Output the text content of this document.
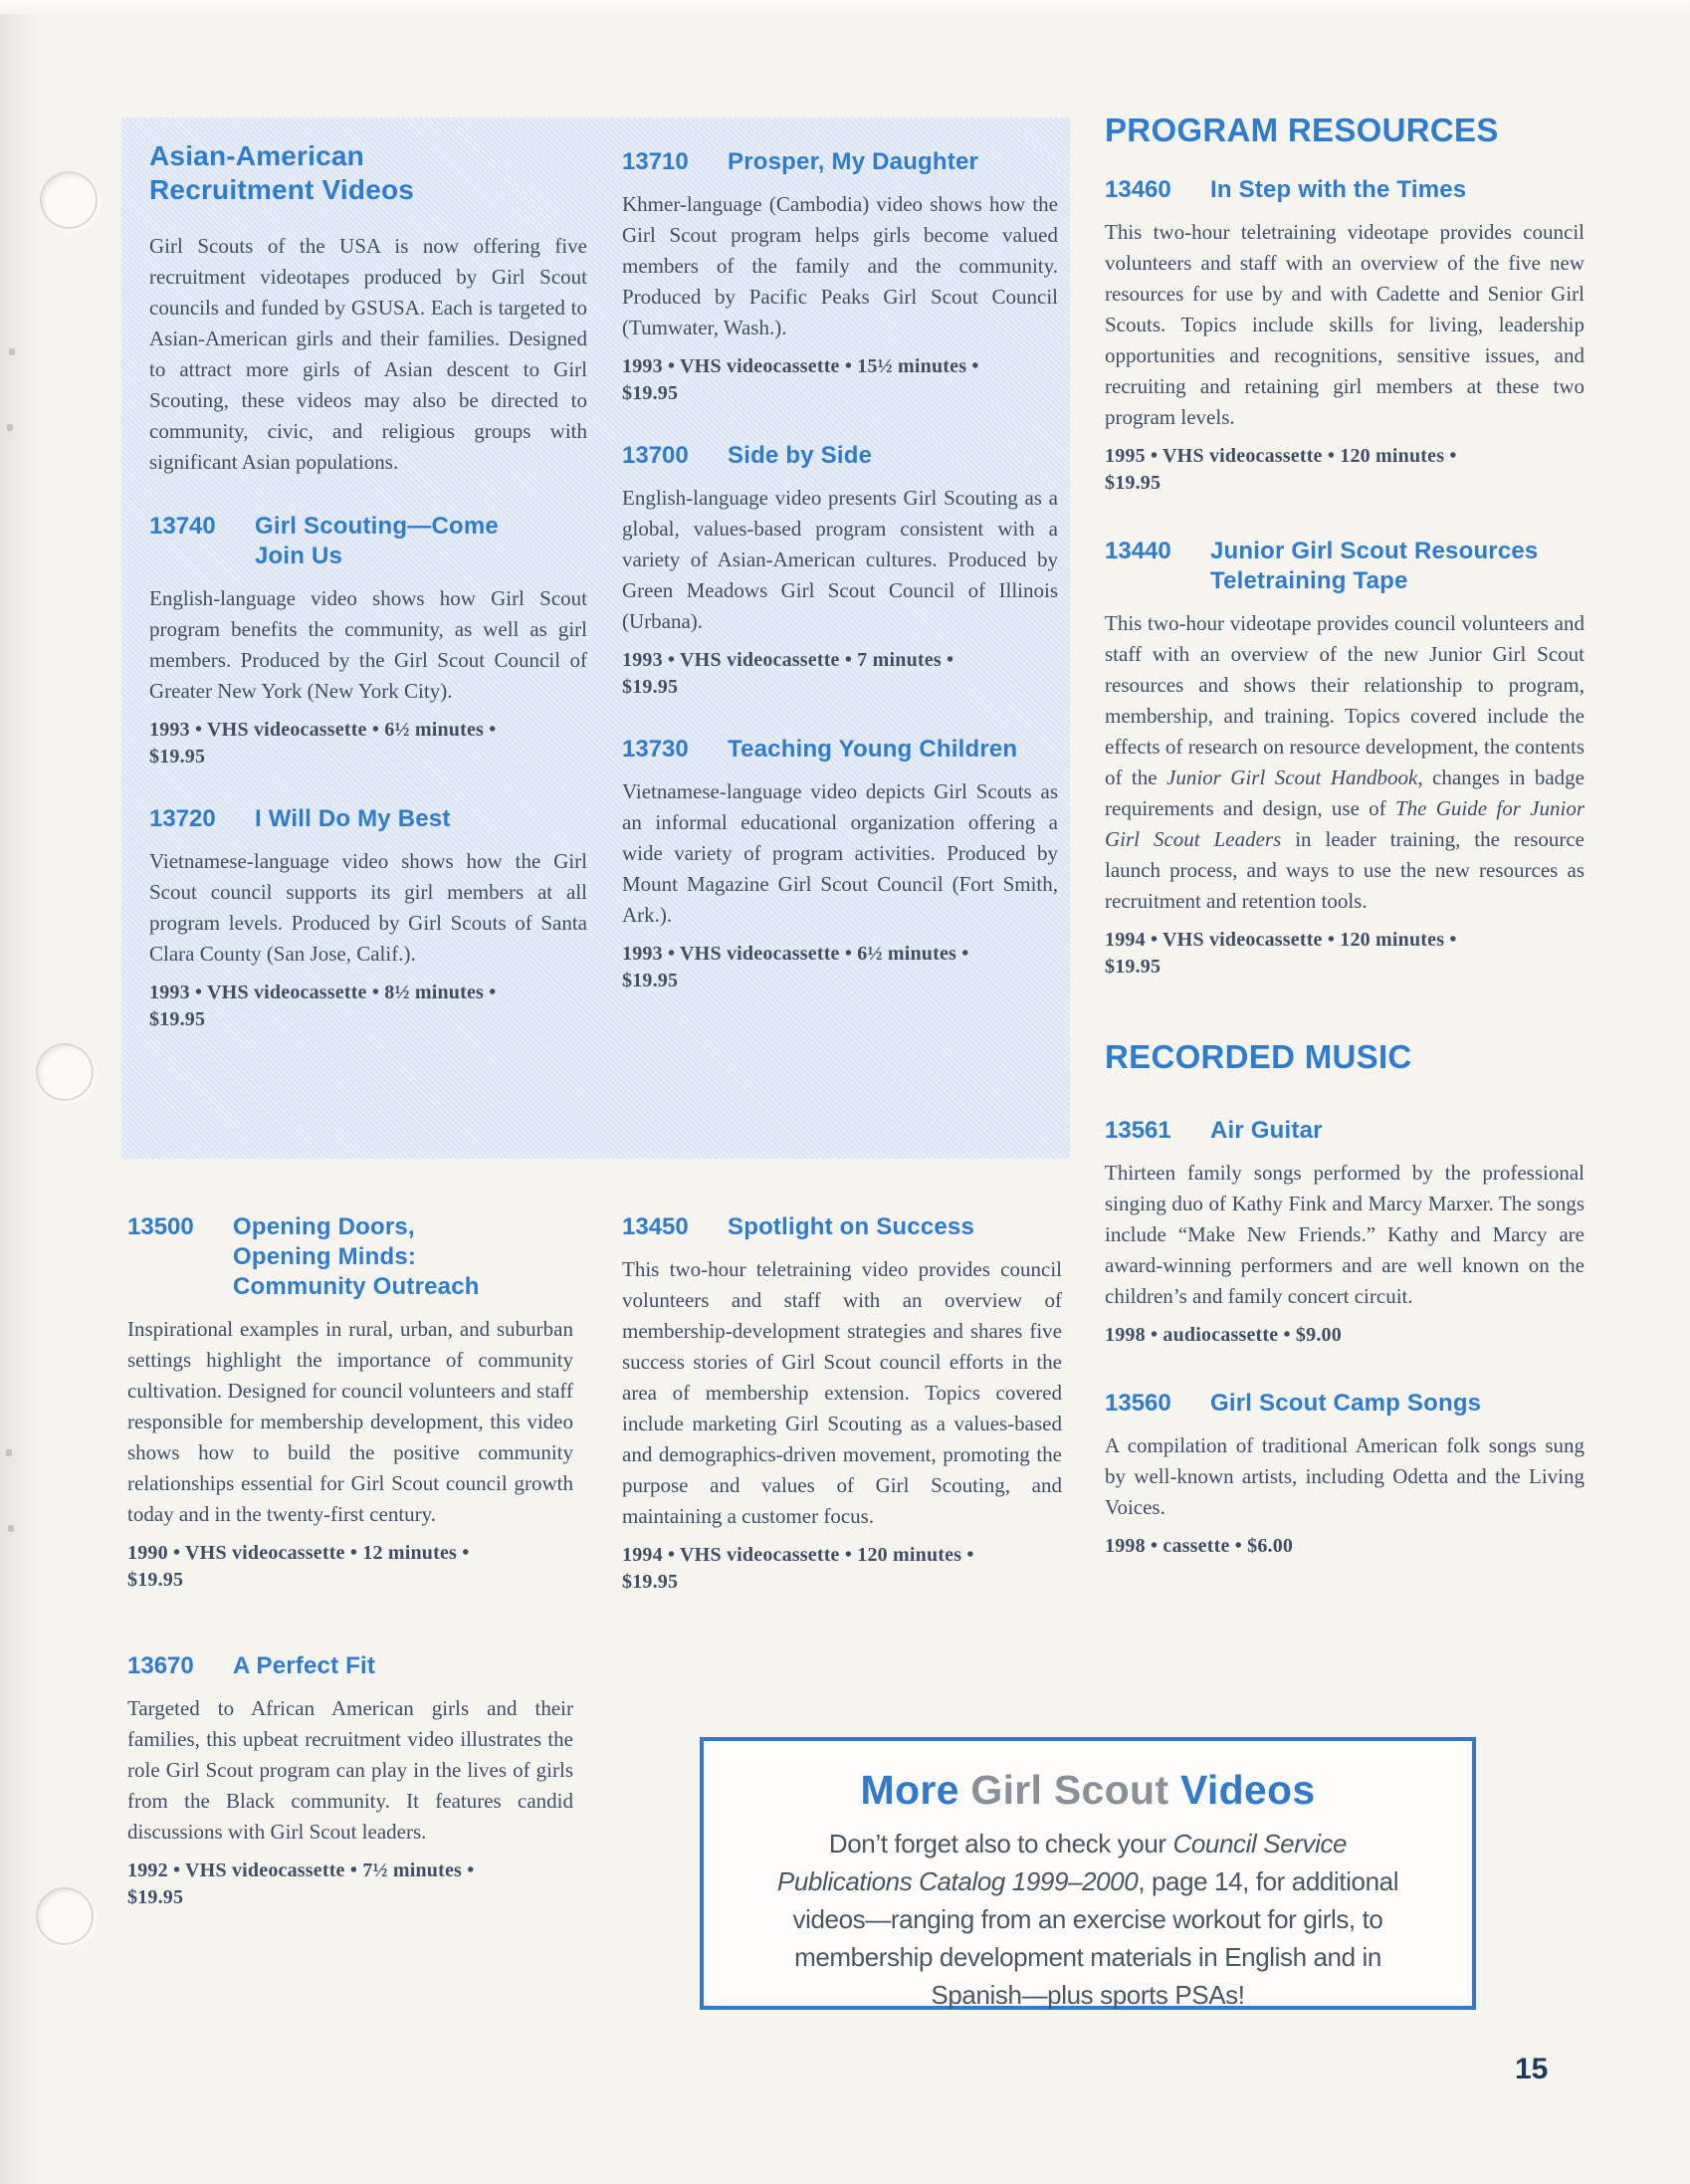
Asian-American
Recruitment Videos

Girl Scouts of the USA is now offering five recruitment videotapes produced by Girl Scout councils and funded by GSUSA. Each is targeted to Asian-American girls and their families. Designed to attract more girls of Asian descent to Girl Scouting, these videos may also be directed to community, civic, and religious groups with significant Asian populations.

13740	Girl Scouting—Come
Join Us

English-language video shows how Girl Scout program benefits the community, as well as girl members. Produced by the Girl Scout Council of Greater New York (New York City).

1993 • VHS videocassette • 6½ minutes •
$19.95

13720	I Will Do My Best

Vietnamese-language video shows how the Girl Scout council supports its girl members at all program levels. Produced by Girl Scouts of Santa Clara County (San Jose, Calif.).

1993 • VHS videocassette • 8½ minutes •
$19.95

13710	Prosper, My Daughter

Khmer-language (Cambodia) video shows how the Girl Scout program helps girls become valued members of the family and the community. Produced by Pacific Peaks Girl Scout Council (Tumwater, Wash.).

1993 • VHS videocassette • 15½ minutes •
$19.95

13700	Side by Side

English-language video presents Girl Scouting as a global, values-based program consistent with a variety of Asian-American cultures. Produced by Green Meadows Girl Scout Council of Illinois (Urbana).

1993 • VHS videocassette • 7 minutes •
$19.95

13730	Teaching Young Children

Vietnamese-language video depicts Girl Scouts as an informal educational organization offering a wide variety of program activities. Produced by Mount Magazine Girl Scout Council (Fort Smith, Ark.).

1993 • VHS videocassette • 6½ minutes •
$19.95

13500	Opening Doors,
Opening Minds:
Community Outreach

Inspirational examples in rural, urban, and suburban settings highlight the importance of community cultivation. Designed for council volunteers and staff responsible for membership development, this video shows how to build the positive community relationships essential for Girl Scout council growth today and in the twenty-first century.

1990 • VHS videocassette • 12 minutes •
$19.95

13670	A Perfect Fit

Targeted to African American girls and their families, this upbeat recruitment video illustrates the role Girl Scout program can play in the lives of girls from the Black community. It features candid discussions with Girl Scout leaders.

1992 • VHS videocassette • 7½ minutes •
$19.95

13450	Spotlight on Success

This two-hour teletraining video provides council volunteers and staff with an overview of membership-development strategies and shares five success stories of Girl Scout council efforts in the area of membership extension. Topics covered include marketing Girl Scouting as a values-based and demographics-driven movement, promoting the purpose and values of Girl Scouting, and maintaining a customer focus.

1994 • VHS videocassette • 120 minutes •
$19.95

PROGRAM RESOURCES
13460	In Step with the Times

This two-hour teletraining videotape provides council volunteers and staff with an overview of the five new resources for use by and with Cadette and Senior Girl Scouts. Topics include skills for living, leadership opportunities and recognitions, sensitive issues, and recruiting and retaining girl members at these two program levels.

1995 • VHS videocassette • 120 minutes •
$19.95

13440	Junior Girl Scout Resources
Teletraining Tape

This two-hour videotape provides council volunteers and staff with an overview of the new Junior Girl Scout resources and shows their relationship to program, membership, and training. Topics covered include the effects of research on resource development, the contents of the Junior Girl Scout Handbook, changes in badge requirements and design, use of The Guide for Junior Girl Scout Leaders in leader training, the resource launch process, and ways to use the new resources as recruitment and retention tools.

1994 • VHS videocassette • 120 minutes •
$19.95

RECORDED MUSIC
13561	Air Guitar

Thirteen family songs performed by the professional singing duo of Kathy Fink and Marcy Marxer. The songs include “Make New Friends.” Kathy and Marcy are award-winning performers and are well known on the children’s and family concert circuit.

1998 • audiocassette • $9.00

13560	Girl Scout Camp Songs

A compilation of traditional American folk songs sung by well-known artists, including Odetta and the Living Voices.

1998 • cassette • $6.00

More Girl Scout Videos

Don’t forget also to check your Council Service Publications Catalog 1999–2000, page 14, for additional videos—ranging from an exercise workout for girls, to membership development materials in English and in Spanish—plus sports PSAs!

15
